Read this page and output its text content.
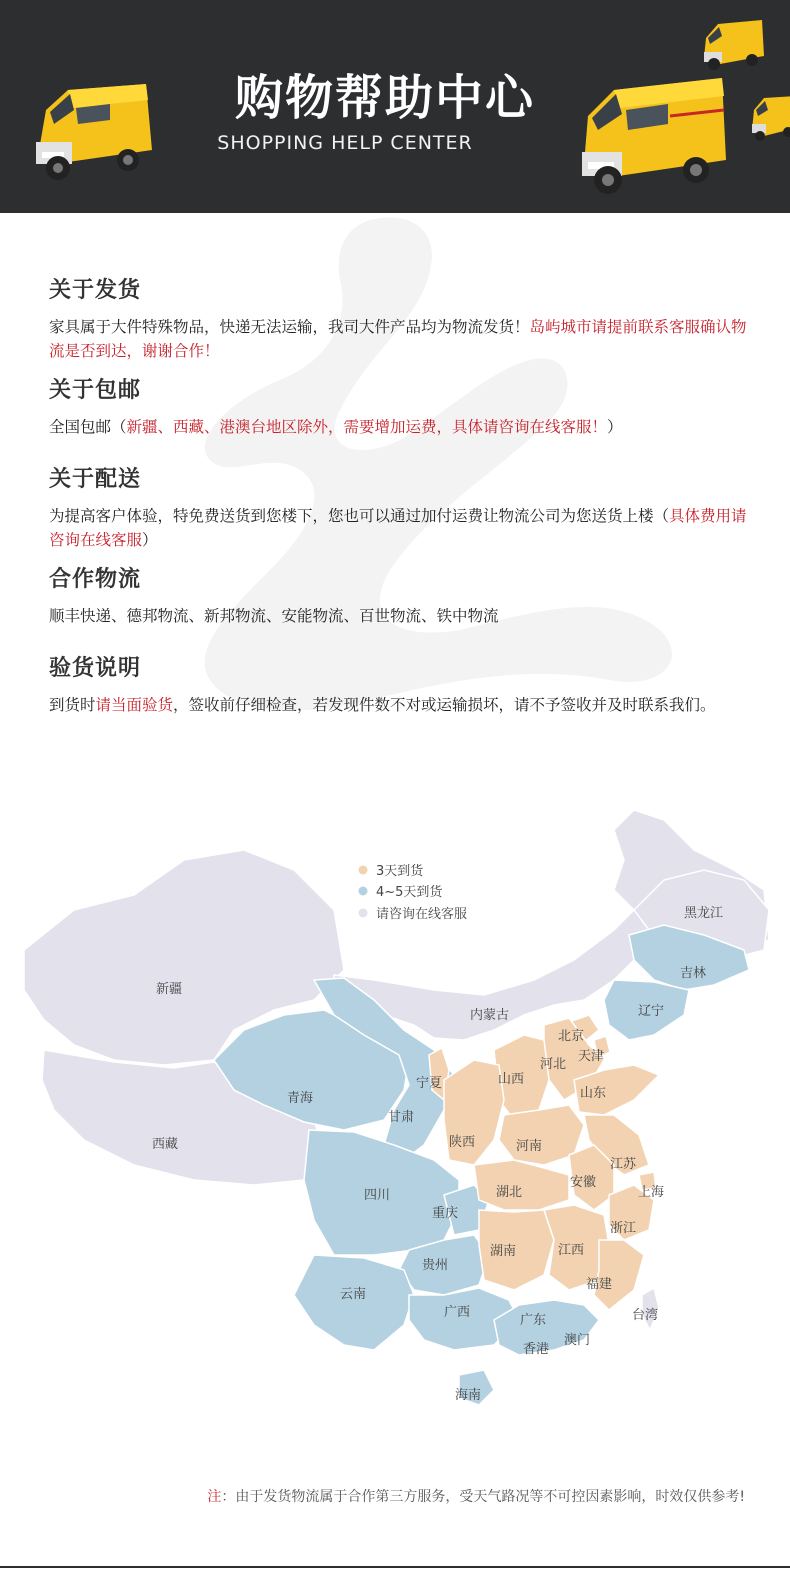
购物帮助中心
SHOPPING HELP CENTER
关于发货
家具属于大件特殊物品，快递无法运输，我司大件产品均为物流发货！岛屿城市请提前联系客服确认物流是否到达，谢谢合作！
关于包邮
全国包邮（新疆、西藏、港澳台地区除外，需要增加运费，具体请咨询在线客服！）
关于配送
为提高客户体验，特免费送货到您楼下，您也可以通过加付运费让物流公司为您送货上楼（具体费用请咨询在线客服）
合作物流
顺丰快递、德邦物流、新邦物流、安能物流、百世物流、铁中物流
验货说明
到货时请当面验货，签收前仔细检查，若发现件数不对或运输损坏，请不予签收并及时联系我们。
3天到货
4~5天到货
请咨询在线客服
新疆
西藏
内蒙古
黑龙江
吉林
辽宁
北京
天津
河北
山西
山东
宁夏
青海
甘肃
陕西	河南
江苏
安徽
上海
四川
重庆
湖北
浙江
湖南	江西
贵州
福建
云南
广西
广东	台湾
澳门
香港
海南
注：由于发货物流属于合作第三方服务，受天气路况等不可控因素影响，时效仅供参考!
